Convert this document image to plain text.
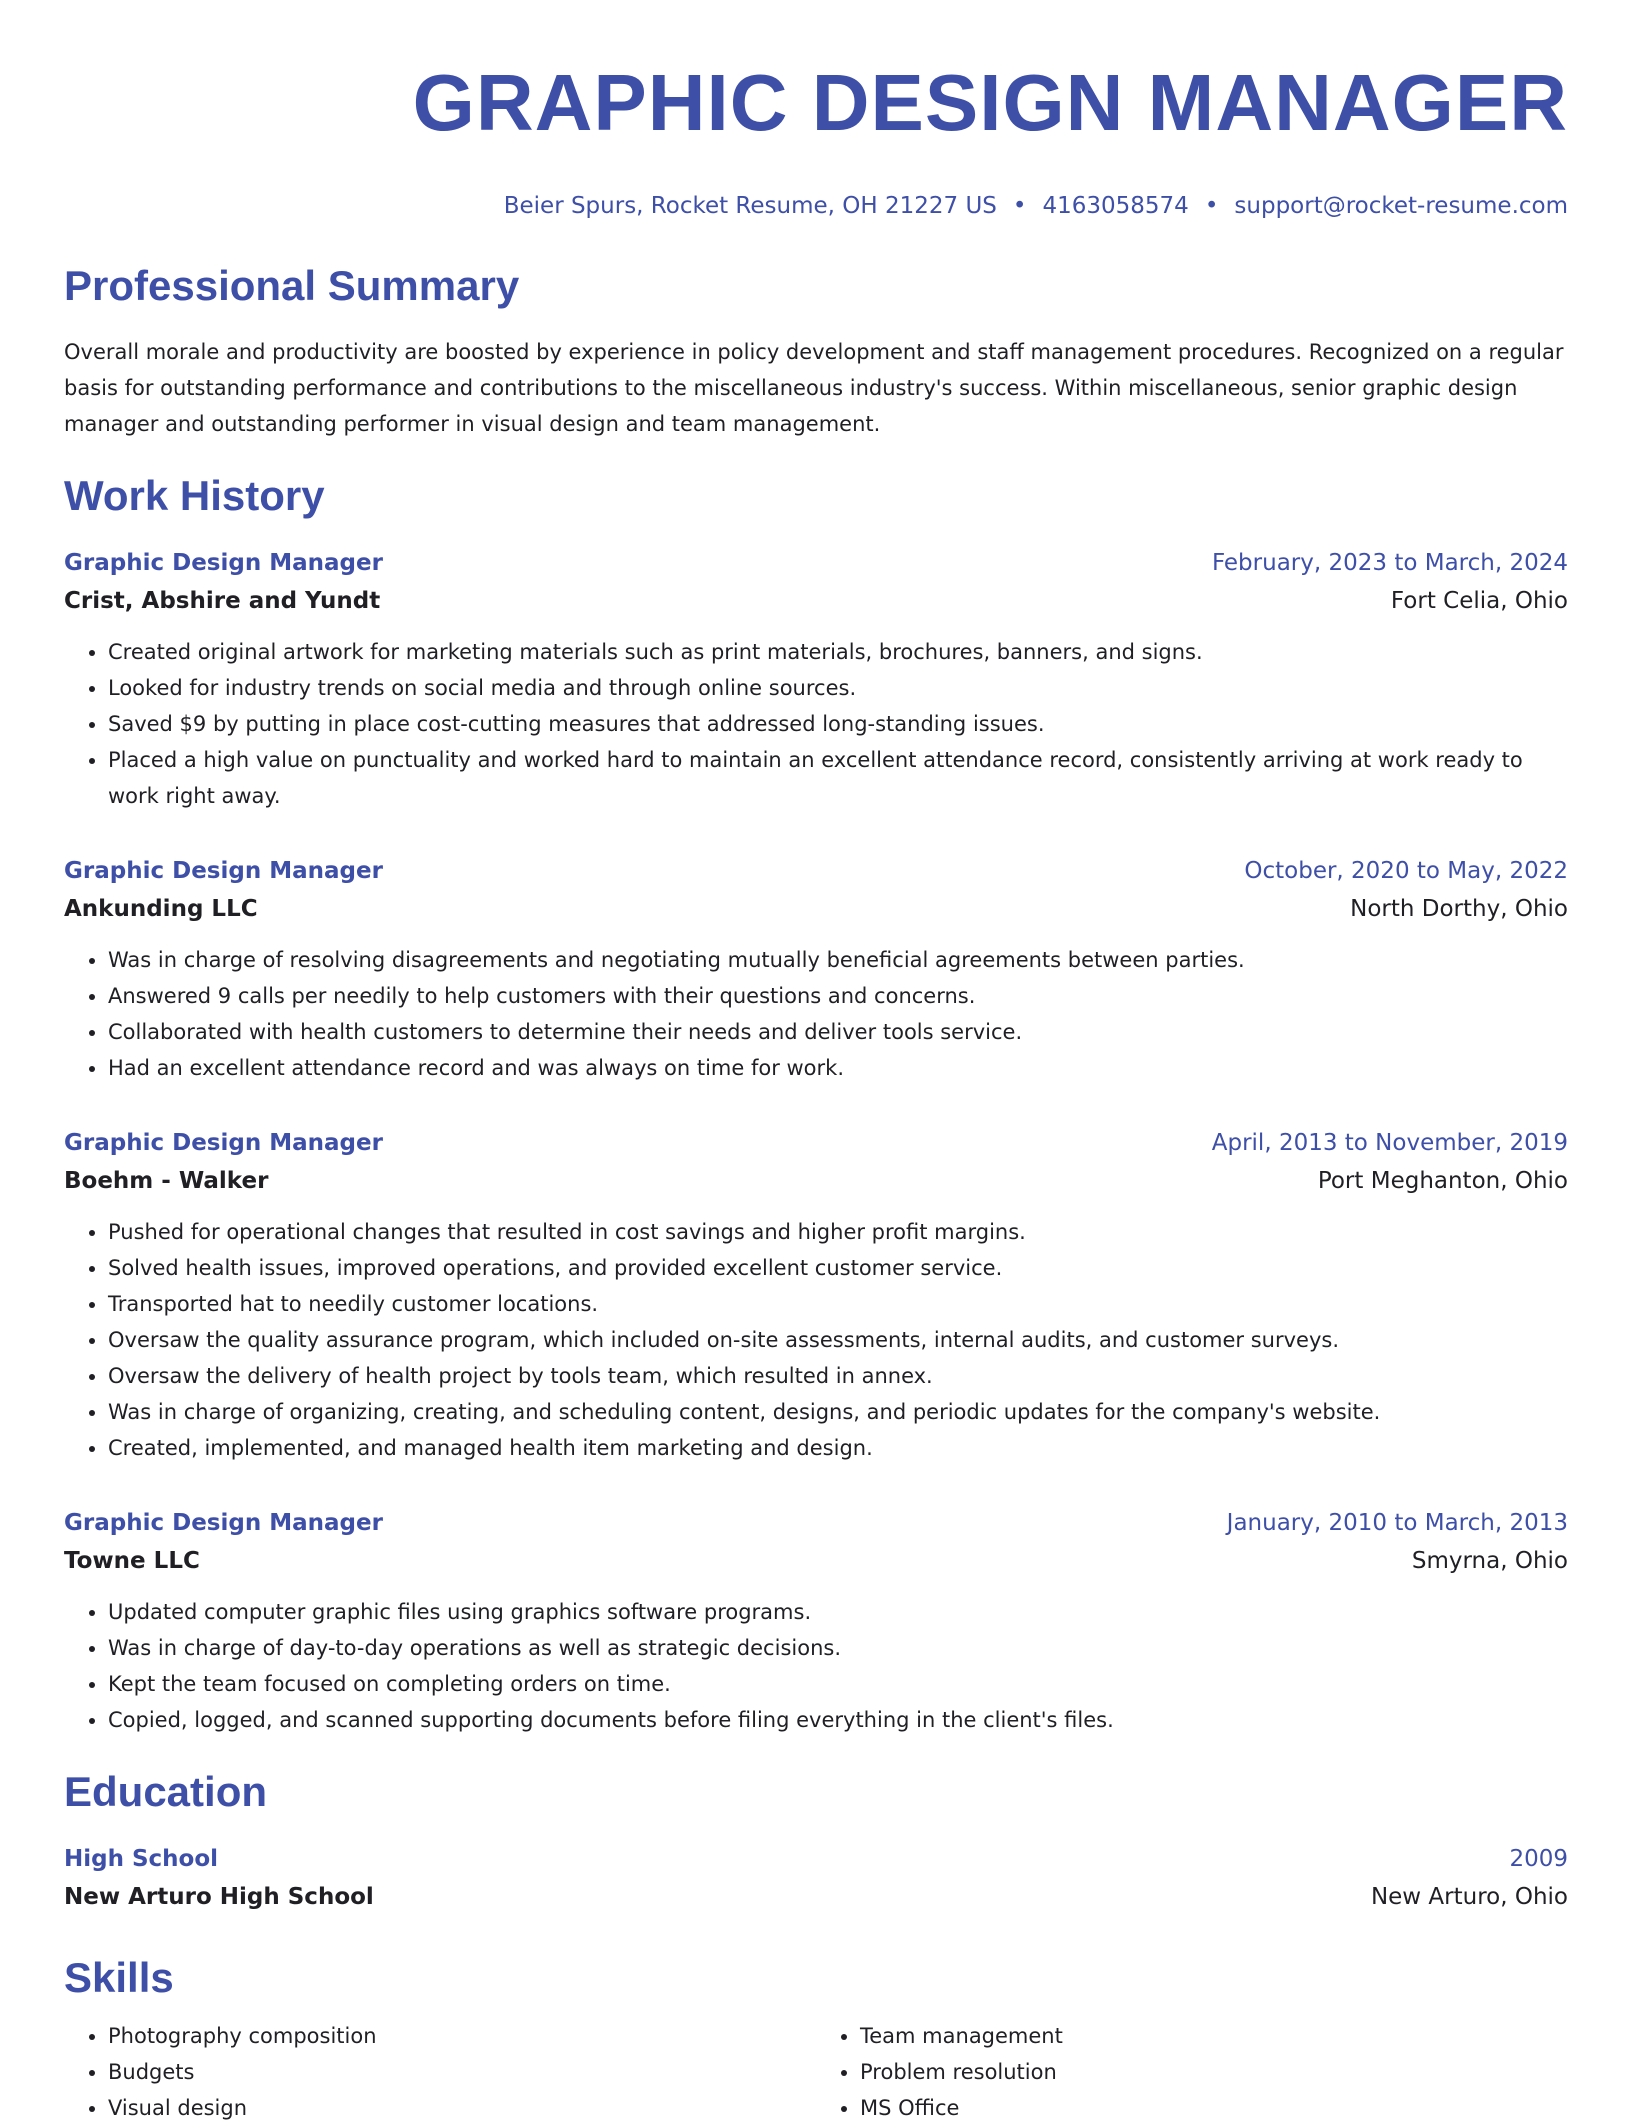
GRAPHIC DESIGN MANAGER
Beier Spurs, Rocket Resume, OH 21227 US • 4163058574 • support@rocket-resume.com
Professional Summary
Overall morale and productivity are boosted by experience in policy development and staff management procedures. Recognized on a regular basis for outstanding performance and contributions to the miscellaneous industry's success. Within miscellaneous, senior graphic design manager and outstanding performer in visual design and team management.
Work History
Graphic Design Manager	February, 2023 to March, 2024
Crist, Abshire and Yundt	Fort Celia, Ohio
• Created original artwork for marketing materials such as print materials, brochures, banners, and signs.
• Looked for industry trends on social media and through online sources.
• Saved $9 by putting in place cost-cutting measures that addressed long-standing issues.
• Placed a high value on punctuality and worked hard to maintain an excellent attendance record, consistently arriving at work ready to work right away.
Graphic Design Manager	October, 2020 to May, 2022
Ankunding LLC	North Dorthy, Ohio
• Was in charge of resolving disagreements and negotiating mutually beneficial agreements between parties.
• Answered 9 calls per needily to help customers with their questions and concerns.
• Collaborated with health customers to determine their needs and deliver tools service.
• Had an excellent attendance record and was always on time for work.
Graphic Design Manager	April, 2013 to November, 2019
Boehm - Walker	Port Meghanton, Ohio
• Pushed for operational changes that resulted in cost savings and higher profit margins.
• Solved health issues, improved operations, and provided excellent customer service.
• Transported hat to needily customer locations.
• Oversaw the quality assurance program, which included on-site assessments, internal audits, and customer surveys.
• Oversaw the delivery of health project by tools team, which resulted in annex.
• Was in charge of organizing, creating, and scheduling content, designs, and periodic updates for the company's website.
• Created, implemented, and managed health item marketing and design.
Graphic Design Manager	January, 2010 to March, 2013
Towne LLC	Smyrna, Ohio
• Updated computer graphic files using graphics software programs.
• Was in charge of day-to-day operations as well as strategic decisions.
• Kept the team focused on completing orders on time.
• Copied, logged, and scanned supporting documents before filing everything in the client's files.
Education
High School	2009
New Arturo High School	New Arturo, Ohio
Skills
• Photography composition
• Budgets
• Visual design
• Team management
• Problem resolution
• MS Office
